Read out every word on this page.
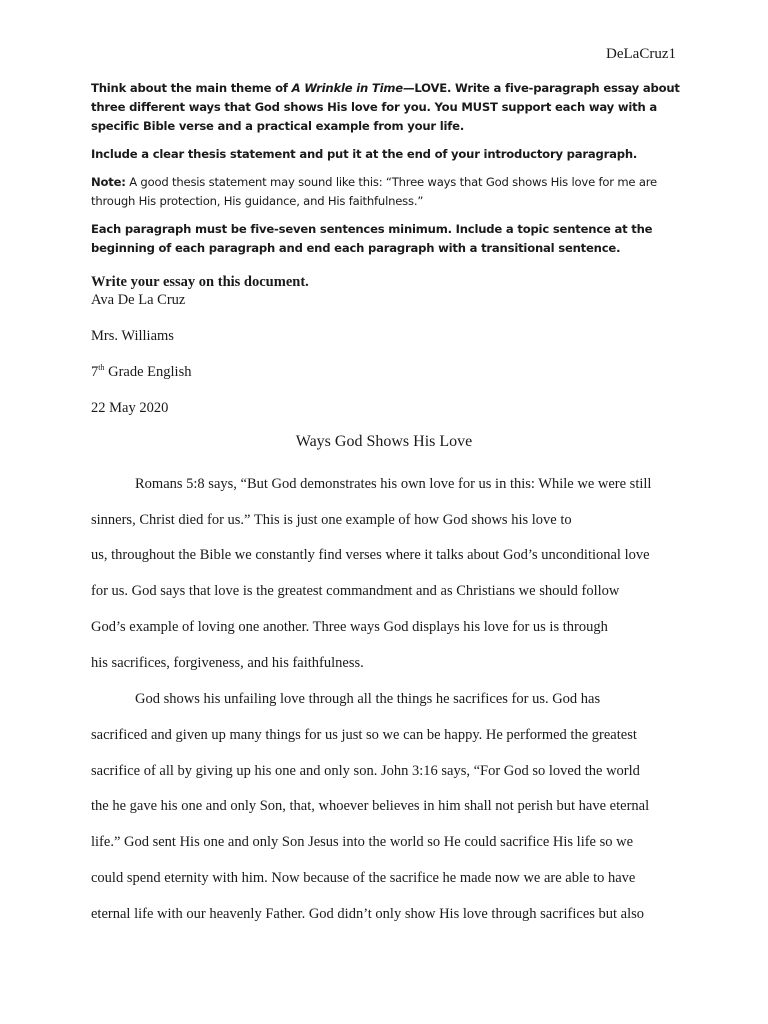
DeLaCruz1

Think about the main theme of A Wrinkle in Time—LOVE. Write a five-paragraph essay about three different ways that God shows His love for you. You MUST support each way with a specific Bible verse and a practical example from your life.

Include a clear thesis statement and put it at the end of your introductory paragraph.

Note: A good thesis statement may sound like this: “Three ways that God shows His love for me are through His protection, His guidance, and His faithfulness.”

Each paragraph must be five-seven sentences minimum. Include a topic sentence at the beginning of each paragraph and end each paragraph with a transitional sentence.

Write your essay on this document.
Ava De La Cruz
Mrs. Williams
7th Grade English
22 May 2020
Ways God Shows His Love
Romans 5:8 says, “But God demonstrates his own love for us in this: While we were still
sinners, Christ died for us.” This is just one example of how God shows his love to
us, throughout the Bible we constantly find verses where it talks about God’s unconditional love
for us. God says that love is the greatest commandment and as Christians we should follow
God’s example of loving one another. Three ways God displays his love for us is through
his sacrifices, forgiveness, and his faithfulness.
God shows his unfailing love through all the things he sacrifices for us. God has
sacrificed and given up many things for us just so we can be happy. He performed the greatest
sacrifice of all by giving up his one and only son. John 3:16 says, “For God so loved the world
the he gave his one and only Son, that, whoever believes in him shall not perish but have eternal
life.” God sent His one and only Son Jesus into the world so He could sacrifice His life so we
could spend eternity with him. Now because of the sacrifice he made now we are able to have
eternal life with our heavenly Father. God didn’t only show His love through sacrifices but also
